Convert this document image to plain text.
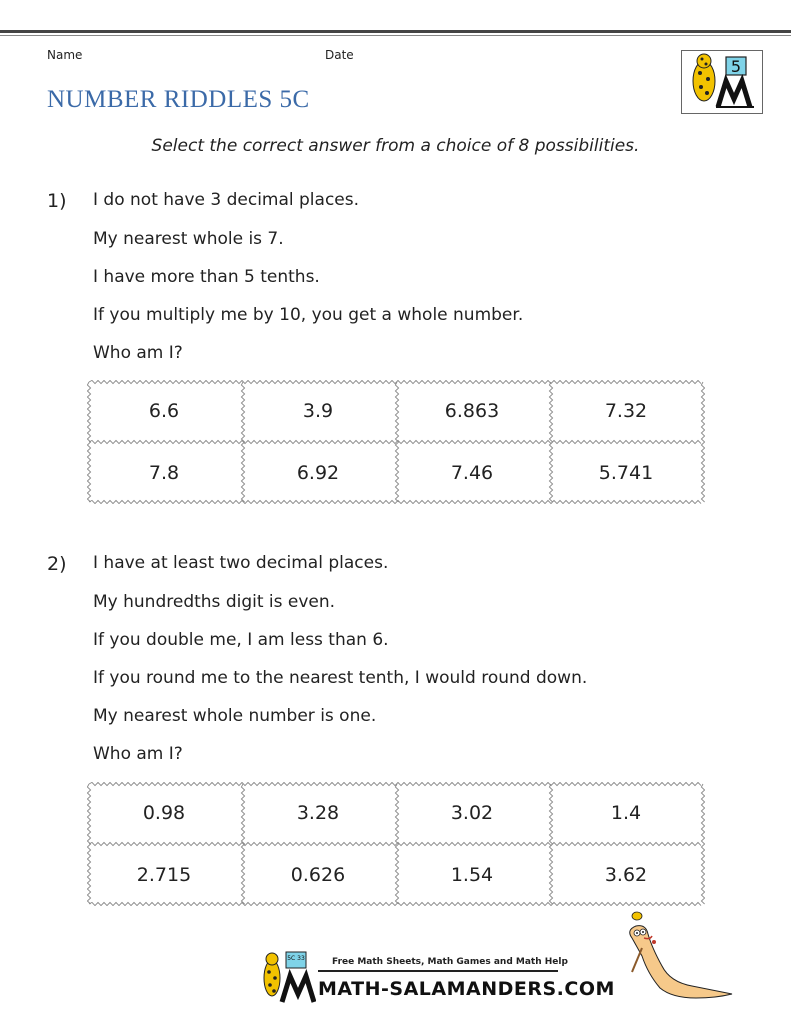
Name	Date
NUMBER RIDDLES 5C
5
Select the correct answer from a choice of 8 possibilities.
1) I do not have 3 decimal places.
My nearest whole is 7.
I have more than 5 tenths.
If you multiply me by 10, you get a whole number.
Who am I?
6.6	3.9	6.863	7.32
7.8	6.92	7.46	5.741
2) I have at least two decimal places.
My hundredths digit is even.
If you double me, I am less than 6.
If you round me to the nearest tenth, I would round down.
My nearest whole number is one.
Who am I?
0.98	3.28	3.02	1.4
2.715	0.626	1.54	3.62
5C 33	Free Math Sheets, Math Games and Math Help
MATH-SALAMANDERS.COM
